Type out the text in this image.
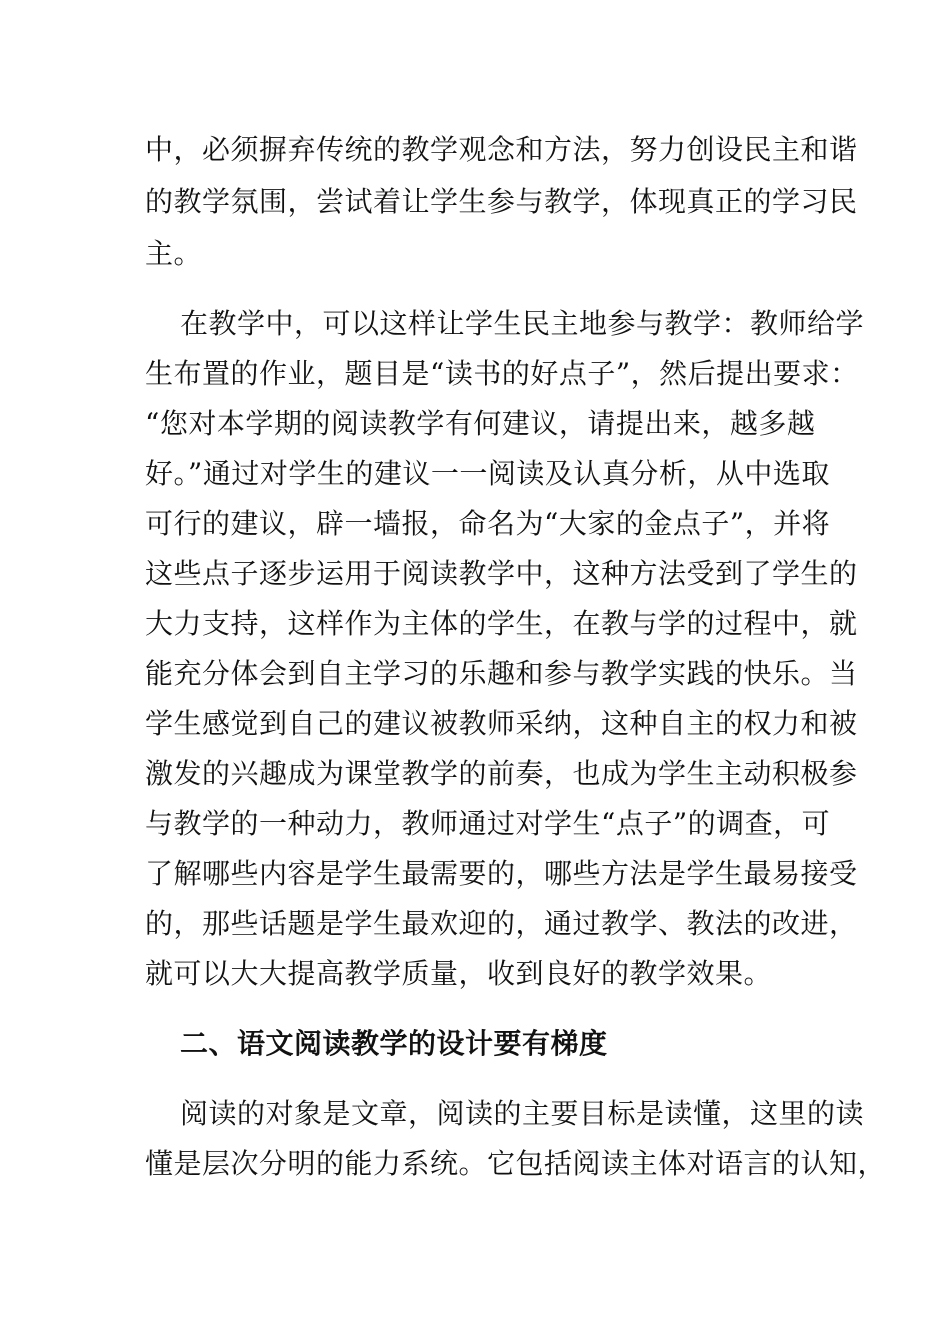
中，必须摒弃传统的教学观念和方法，努力创设民主和谐
的教学氛围，尝试着让学生参与教学，体现真正的学习民
主。
在教学中，可以这样让学生民主地参与教学：教师给学
生布置的作业，题目是“读书的好点子”，然后提出要求：
“您对本学期的阅读教学有何建议，请提出来，越多越
好。”通过对学生的建议一一阅读及认真分析，从中选取
可行的建议，辟一墙报，命名为“大家的金点子”，并将
这些点子逐步运用于阅读教学中，这种方法受到了学生的
大力支持，这样作为主体的学生，在教与学的过程中，就
能充分体会到自主学习的乐趣和参与教学实践的快乐。当
学生感觉到自己的建议被教师采纳，这种自主的权力和被
激发的兴趣成为课堂教学的前奏，也成为学生主动积极参
与教学的一种动力，教师通过对学生“点子”的调查，可
了解哪些内容是学生最需要的，哪些方法是学生最易接受
的，那些话题是学生最欢迎的，通过教学、教法的改进，
就可以大大提高教学质量，收到良好的教学效果。
二、语文阅读教学的设计要有梯度
阅读的对象是文章，阅读的主要目标是读懂，这里的读
懂是层次分明的能力系统。它包括阅读主体对语言的认知，
